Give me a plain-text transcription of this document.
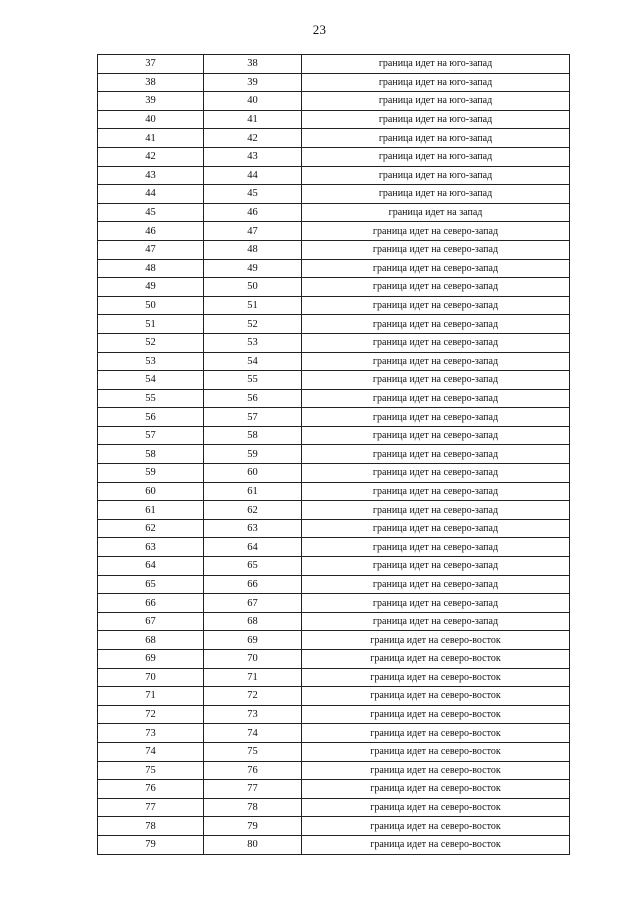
23
37	38	граница идет на юго-запад
38	39	граница идет на юго-запад
39	40	граница идет на юго-запад
40	41	граница идет на юго-запад
41	42	граница идет на юго-запад
42	43	граница идет на юго-запад
43	44	граница идет на юго-запад
44	45	граница идет на юго-запад
45	46	граница идет на запад
46	47	граница идет на северо-запад
47	48	граница идет на северо-запад
48	49	граница идет на северо-запад
49	50	граница идет на северо-запад
50	51	граница идет на северо-запад
51	52	граница идет на северо-запад
52	53	граница идет на северо-запад
53	54	граница идет на северо-запад
54	55	граница идет на северо-запад
55	56	граница идет на северо-запад
56	57	граница идет на северо-запад
57	58	граница идет на северо-запад
58	59	граница идет на северо-запад
59	60	граница идет на северо-запад
60	61	граница идет на северо-запад
61	62	граница идет на северо-запад
62	63	граница идет на северо-запад
63	64	граница идет на северо-запад
64	65	граница идет на северо-запад
65	66	граница идет на северо-запад
66	67	граница идет на северо-запад
67	68	граница идет на северо-запад
68	69	граница идет на северо-восток
69	70	граница идет на северо-восток
70	71	граница идет на северо-восток
71	72	граница идет на северо-восток
72	73	граница идет на северо-восток
73	74	граница идет на северо-восток
74	75	граница идет на северо-восток
75	76	граница идет на северо-восток
76	77	граница идет на северо-восток
77	78	граница идет на северо-восток
78	79	граница идет на северо-восток
79	80	граница идет на северо-восток
